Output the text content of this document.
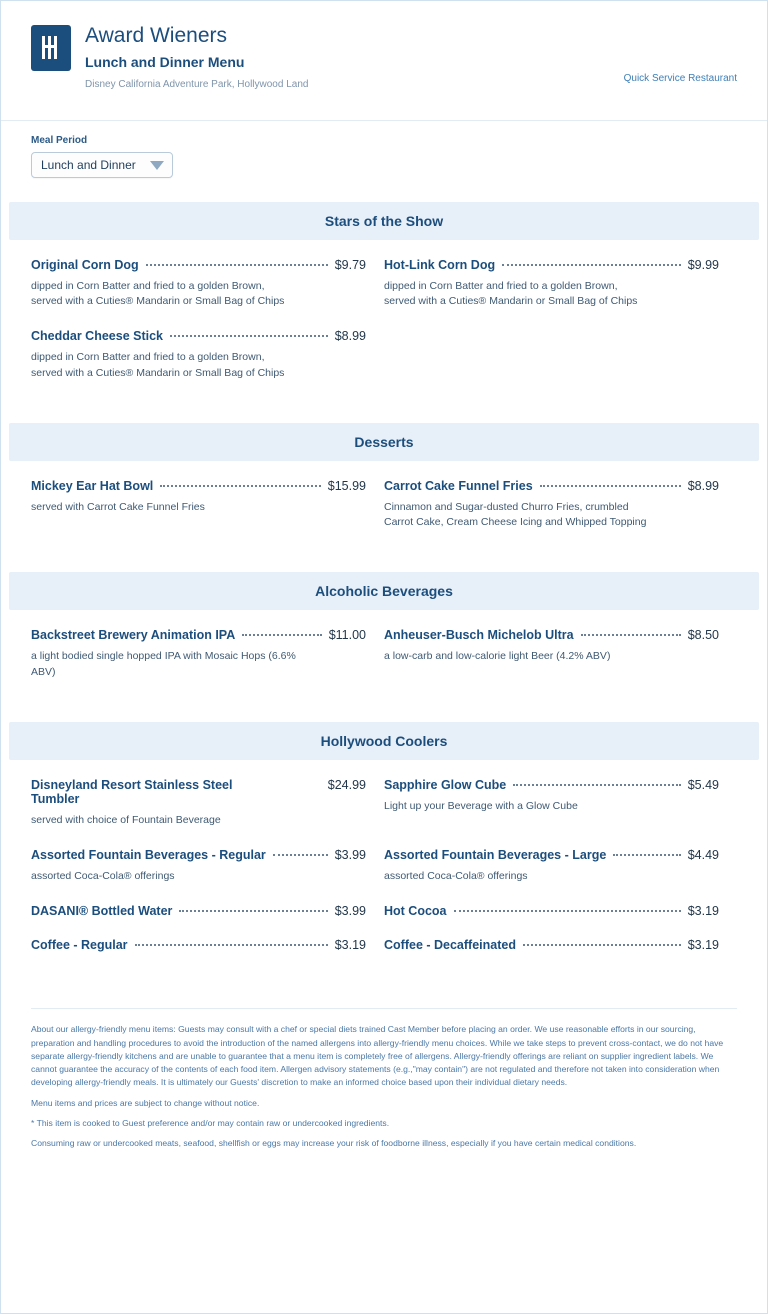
Award Wieners
Lunch and Dinner Menu
Disney California Adventure Park, Hollywood Land
Quick Service Restaurant
Meal Period
Lunch and Dinner
Stars of the Show
Original Corn Dog	$9.79
dipped in Corn Batter and fried to a golden Brown, served with a Cuties® Mandarin or Small Bag of Chips
Hot-Link Corn Dog	$9.99
dipped in Corn Batter and fried to a golden Brown, served with a Cuties® Mandarin or Small Bag of Chips
Cheddar Cheese Stick	$8.99
dipped in Corn Batter and fried to a golden Brown, served with a Cuties® Mandarin or Small Bag of Chips
Desserts
Mickey Ear Hat Bowl	$15.99
served with Carrot Cake Funnel Fries
Carrot Cake Funnel Fries	$8.99
Cinnamon and Sugar-dusted Churro Fries, crumbled Carrot Cake, Cream Cheese Icing and Whipped Topping
Alcoholic Beverages
Backstreet Brewery Animation IPA	$11.00
a light bodied single hopped IPA with Mosaic Hops (6.6% ABV)
Anheuser-Busch Michelob Ultra	$8.50
a low-carb and low-calorie light Beer (4.2% ABV)
Hollywood Coolers
Disneyland Resort Stainless Steel Tumbler
$24.99
served with choice of Fountain Beverage
Sapphire Glow Cube	$5.49
Light up your Beverage with a Glow Cube
Assorted Fountain Beverages - Regular	$3.99
assorted Coca-Cola® offerings
Assorted Fountain Beverages - Large	$4.49
assorted Coca-Cola® offerings
DASANI® Bottled Water	$3.99 Hot Cocoa	$3.19
Coffee - Regular	$3.19 Coffee - Decaffeinated	$3.19

About our allergy-friendly menu items: Guests may consult with a chef or special diets trained Cast Member before placing an order. We use reasonable efforts in our sourcing, preparation and handling procedures to avoid the introduction of the named allergens into allergy-friendly menu choices. While we take steps to prevent cross-contact, we do not have separate allergy-friendly kitchens and are unable to guarantee that a menu item is completely free of allergens. Allergy-friendly offerings are reliant on supplier ingredient labels. We cannot guarantee the accuracy of the contents of each food item. Allergen advisory statements (e.g.,"may contain") are not regulated and therefore not taken into consideration when developing allergy-friendly meals. It is ultimately our Guests' discretion to make an informed choice based upon their individual dietary needs.

Menu items and prices are subject to change without notice.

* This item is cooked to Guest preference and/or may contain raw or undercooked ingredients.

Consuming raw or undercooked meats, seafood, shellfish or eggs may increase your risk of foodborne illness, especially if you have certain medical conditions.
